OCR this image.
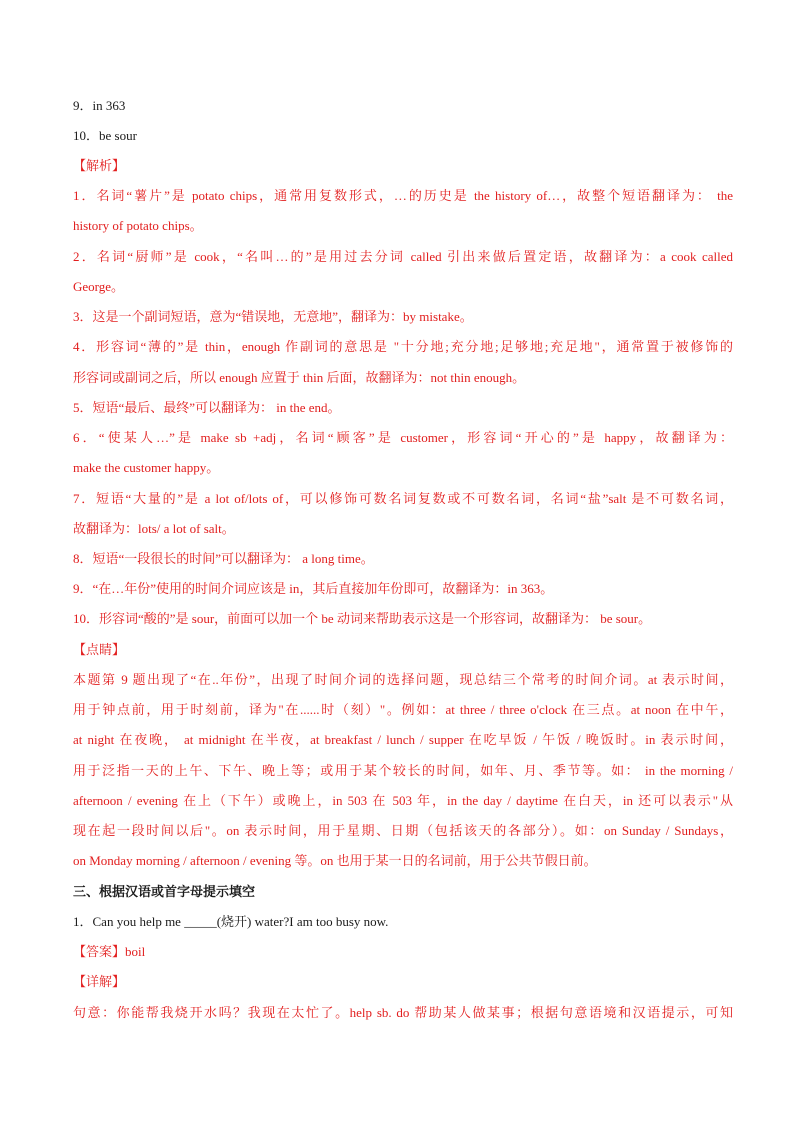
9．in 363

10．be sour

【解析】

1．名词“薯片”是 potato chips，通常用复数形式，…的历史是 the history of…，故整个短语翻译为： the

history of potato chips。

2．名词“厨师”是 cook，“名叫…的”是用过去分词 called 引出来做后置定语，故翻译为：a cook called

George。

3．这是一个副词短语，意为“错误地，无意地”，翻译为：by mistake。

4．形容词“薄的”是 thin，enough 作副词的意思是 "十分地;充分地;足够地;充足地"，通常置于被修饰的

形容词或副词之后，所以 enough 应置于 thin 后面，故翻译为：not thin enough。

5．短语“最后、最终”可以翻译为： in the end。

6．“使某人…”是 make sb +adj，名词“顾客”是 customer，形容词“开心的”是 happy，故翻译为：

make the customer happy。

7．短语“大量的”是 a lot of/lots of，可以修饰可数名词复数或不可数名词，名词“盐”salt 是不可数名词，

故翻译为：lots/ a lot of salt。

8．短语“一段很长的时间”可以翻译为： a long time。

9．“在…年份”使用的时间介词应该是 in，其后直接加年份即可，故翻译为：in 363。

10．形容词“酸的”是 sour，前面可以加一个 be 动词来帮助表示这是一个形容词，故翻译为： be sour。

【点睛】

本题第 9 题出现了“在..年份”，出现了时间介词的选择问题，现总结三个常考的时间介词。at 表示时间，

用于钟点前，用于时刻前，译为"在......时（刻）"。例如：at three / three o'clock 在三点。at noon 在中午，

at night 在夜晚， at midnight 在半夜，at breakfast / lunch / supper 在吃早饭 / 午饭 / 晚饭时。in 表示时间，

用于泛指一天的上午、下午、晚上等；或用于某个较长的时间，如年、月、季节等。如： in the morning /

afternoon / evening 在上（下午）或晚上，in 503 在 503 年，in the day / daytime 在白天，in 还可以表示"从

现在起一段时间以后"。on 表示时间，用于星期、日期（包括该天的各部分）。如：on Sunday / Sundays，

on Monday morning / afternoon / evening 等。on 也用于某一日的名词前，用于公共节假日前。

三、根据汉语或首字母提示填空

1．Can you help me _____(烧开) water?I am too busy now.

【答案】boil

【详解】

句意：你能帮我烧开水吗？我现在太忙了。help sb. do 帮助某人做某事；根据句意语境和汉语提示，可知
